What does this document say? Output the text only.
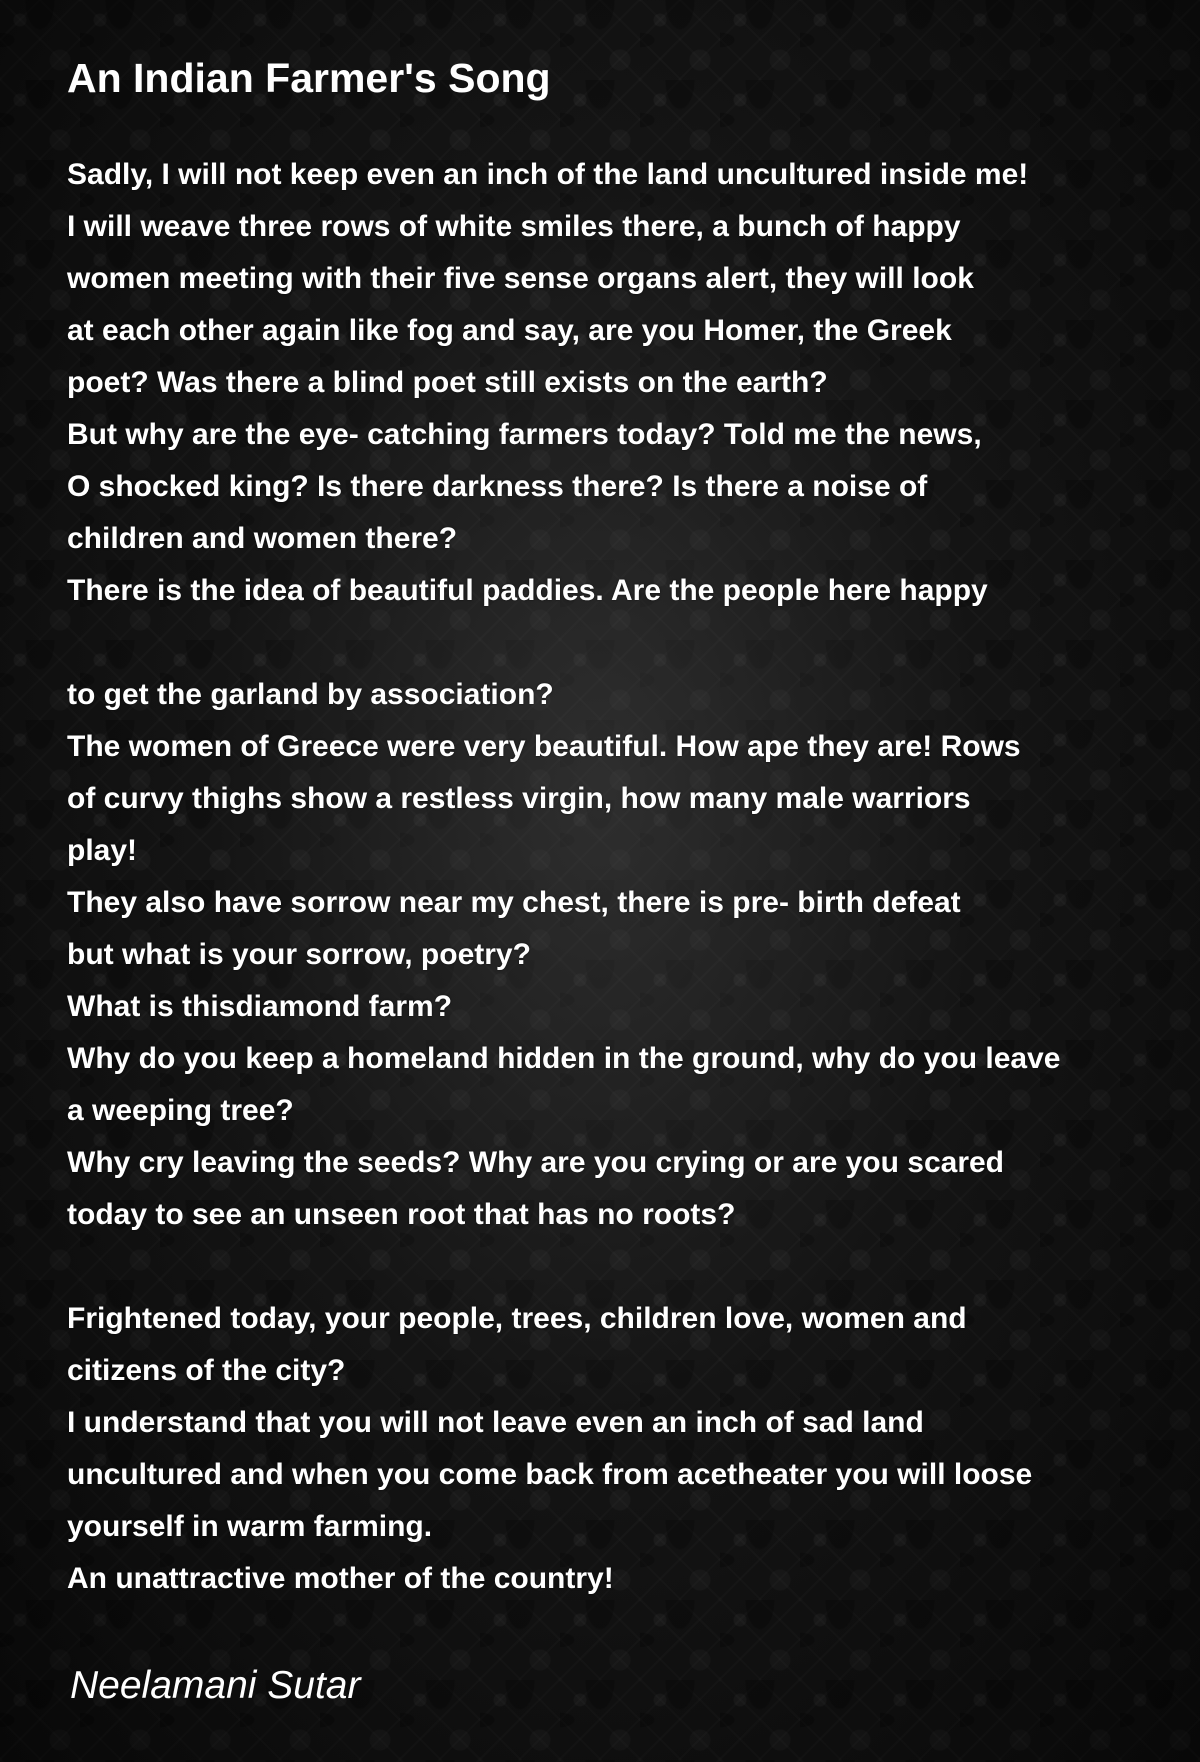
An Indian Farmer's Song
Sadly, I will not keep even an inch of the land uncultured inside me!
I will weave three rows of white smiles there, a bunch of happy
women meeting with their five sense organs alert, they will look
at each other again like fog and say, are you Homer, the Greek
poet? Was there a blind poet still exists on the earth?
But why are the eye- catching farmers today? Told me the news,
O shocked king? Is there darkness there? Is there a noise of
children and women there?
There is the idea of beautiful paddies. Are the people here happy
to get the garland by association?
The women of Greece were very beautiful. How ape they are! Rows
of curvy thighs show a restless virgin, how many male warriors
play!
They also have sorrow near my chest, there is pre- birth defeat
but what is your sorrow, poetry?
What is thisdiamond farm?
Why do you keep a homeland hidden in the ground, why do you leave
a weeping tree?
Why cry leaving the seeds? Why are you crying or are you scared
today to see an unseen root that has no roots?
Frightened today, your people, trees, children love, women and
citizens of the city?
I understand that you will not leave even an inch of sad land
uncultured and when you come back from acetheater you will loose
yourself in warm farming.
An unattractive mother of the country!

Neelamani Sutar
